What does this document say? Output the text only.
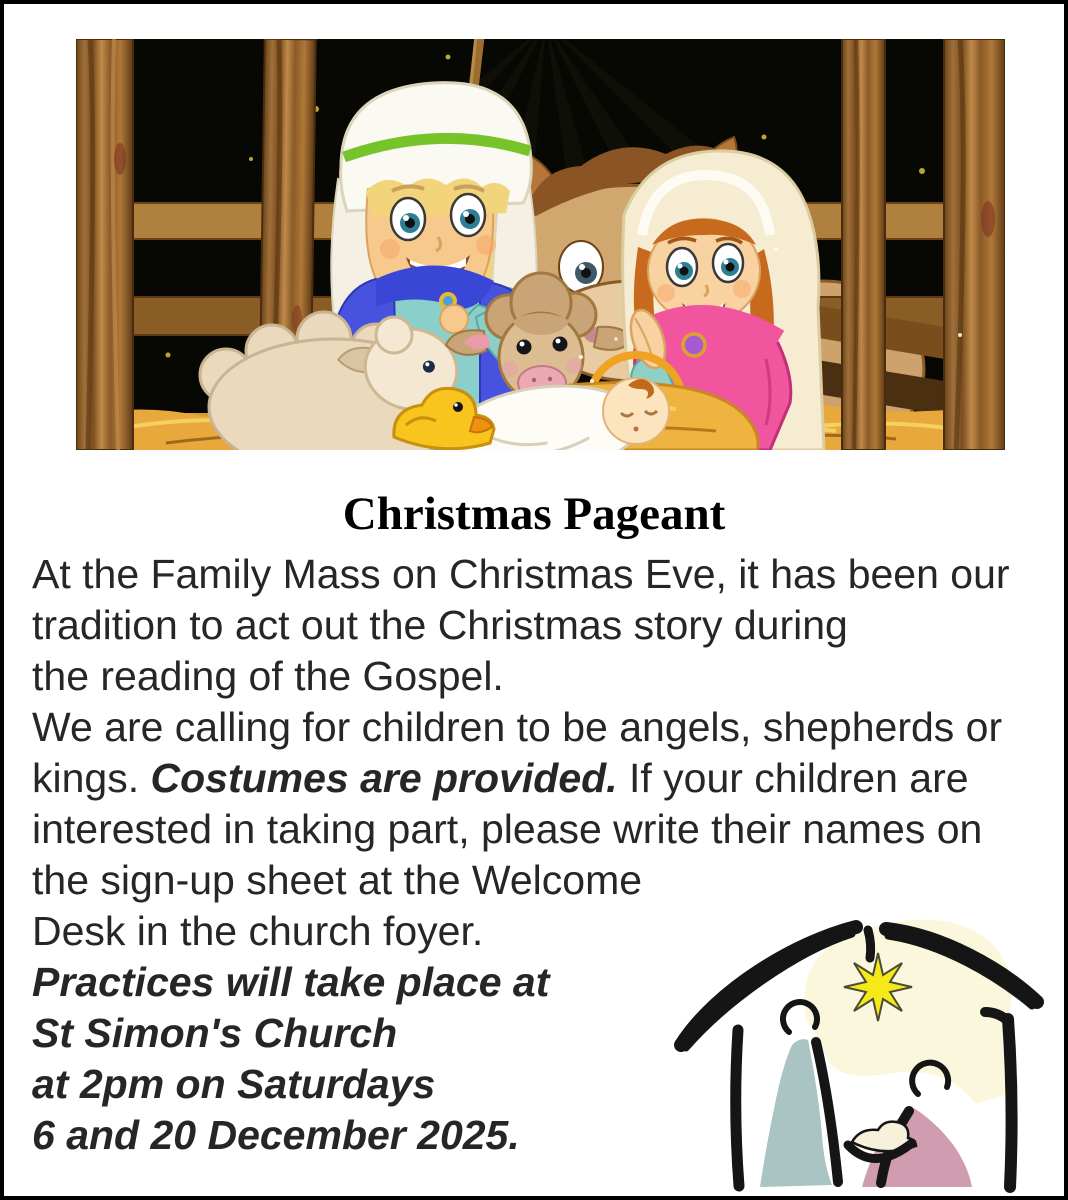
Christmas Pageant
At the Family Mass on Christmas Eve, it has been our
tradition to act out the Christmas story during
the reading of the Gospel.
We are calling for children to be angels, shepherds or
kings. Costumes are provided. If your children are
interested in taking part, please write their names on
the sign-up sheet at the Welcome
Desk in the church foyer.
Practices will take place at
St Simon's Church
at 2pm on Saturdays
6 and 20 December 2025.
